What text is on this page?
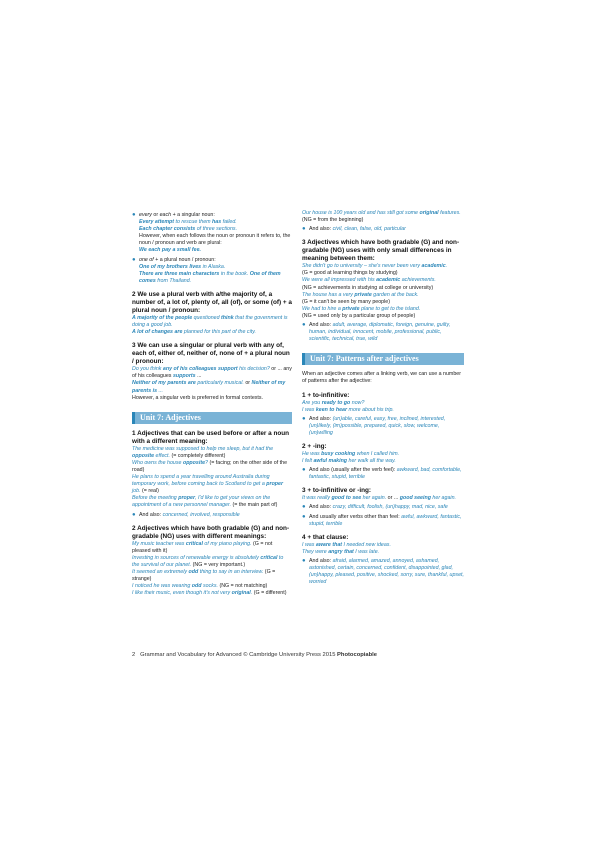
● every or each + a singular noun:

Every attempt to rescue them has failed.

Each chapter consists of three sections.

However, when each follows the noun or pronoun it refers to, the noun / pronoun and verb are plural:

We each pay a small fee.

● one of + a plural noun / pronoun:

One of my brothers lives in Alaska.

There are three main characters in the book. One of them comes from Thailand.

2 We use a plural verb with a/the majority of, a number of, a lot of, plenty of, all (of), or some (of) + a plural noun / pronoun:

A majority of the people questioned think that the government is doing a good job.

A lot of changes are planned for this part of the city.

3 We can use a singular or plural verb with any of, each of, either of, neither of, none of + a plural noun / pronoun:

Do you think any of his colleagues support his decision? or ... any of his colleagues supports ...

Neither of my parents are particularly musical. or Neither of my parents is ...

However, a singular verb is preferred in formal contexts.

Unit 7: Adjectives

1 Adjectives that can be used before or after a noun with a different meaning:

The medicine was supposed to help me sleep, but it had the opposite effect. (= completely different)

Who owns the house opposite? (= facing; on the other side of the road)

He plans to spend a year travelling around Australia during temporary work, before coming back to Scotland to get a proper job. (= real)

Before the meeting proper, I'd like to get your views on the appointment of a new personnel manager. (= the main part of)

● And also: concerned, involved, responsible

2 Adjectives which have both gradable (G) and non-gradable (NG) uses with different meanings:

My music teacher was critical of my piano playing. (G = not pleased with it)

Investing in sources of renewable energy is absolutely critical to the survival of our planet. (NG = very important.)

It seemed an extremely odd thing to say in an interview. (G = strange)

I noticed he was wearing odd socks. (NG = not matching)

I like their music, even though it's not very original. (G = different)

Our house is 100 years old and has still got some original features.

(NG = from the beginning)

● And also: civil, clean, false, old, particular

3 Adjectives which have both gradable (G) and non-gradable (NG) uses with only small differences in meaning between them:

She didn't go to university – she's never been very academic.

(G = good at learning things by studying)

We were all impressed with his academic achievements.

(NG = achievements in studying at college or university)

The house has a very private garden at the back.

(G = it can't be seen by many people)

We had to hire a private plane to get to the island.

(NG = used only by a particular group of people)

● And also: adult, average, diplomatic, foreign, genuine, guilty, human, individual, innocent, mobile, professional, public, scientific, technical, true, wild
Unit 7: Patterns after adjectives

When an adjective comes after a linking verb, we can use a number of patterns after the adjective:

1 + to-infinitive:

Are you ready to go now?

I was keen to hear more about his trip.

● And also: (un)able, careful, easy, free, inclined, interested, (un)likely, (im)possible, prepared, quick, slow, welcome, (un)willing

2 + -ing:

He was busy cooking when I called him.

I felt awful making her walk all the way.

● And also (usually after the verb feel): awkward, bad, comfortable, fantastic, stupid, terrible

3 + to-infinitive or -ing:

It was really good to see her again. or ... good seeing her again.

● And also: crazy, difficult, foolish, (un)happy, mad, nice, safe
● And usually after verbs other than feel: awful, awkward, fantastic, stupid, terrible

4 + that clause:

I was aware that I needed new ideas.

They were angry that I was late.

● And also: afraid, alarmed, amazed, annoyed, ashamed, astonished, certain, concerned, confident, disappointed, glad, (un)happy, pleased, positive, shocked, sorry, sure, thankful, upset, worried
2 Grammar and Vocabulary for Advanced © Cambridge University Press 2015 Photocopiable
